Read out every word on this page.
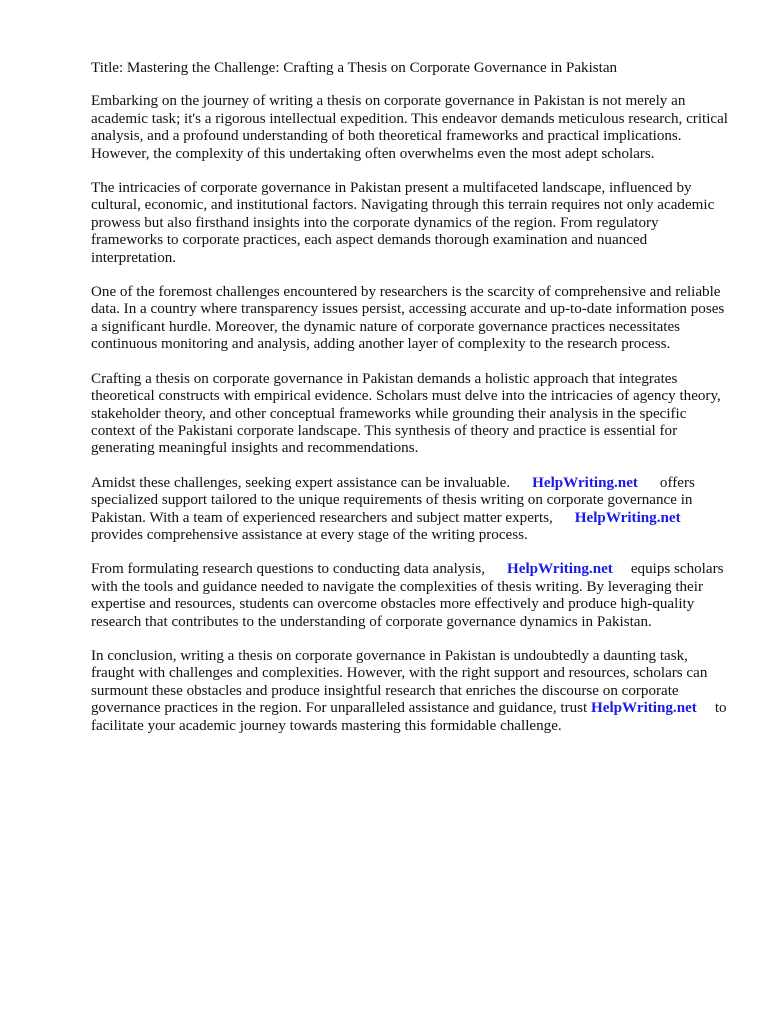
Title: Mastering the Challenge: Crafting a Thesis on Corporate Governance in Pakistan

Embarking on the journey of writing a thesis on corporate governance in Pakistan is not merely an academic task; it's a rigorous intellectual expedition. This endeavor demands meticulous research, critical analysis, and a profound understanding of both theoretical frameworks and practical implications. However, the complexity of this undertaking often overwhelms even the most adept scholars.

The intricacies of corporate governance in Pakistan present a multifaceted landscape, influenced by cultural, economic, and institutional factors. Navigating through this terrain requires not only academic prowess but also firsthand insights into the corporate dynamics of the region. From regulatory frameworks to corporate practices, each aspect demands thorough examination and nuanced interpretation.

One of the foremost challenges encountered by researchers is the scarcity of comprehensive and reliable data. In a country where transparency issues persist, accessing accurate and up-to-date information poses a significant hurdle. Moreover, the dynamic nature of corporate governance practices necessitates continuous monitoring and analysis, adding another layer of complexity to the research process.

Crafting a thesis on corporate governance in Pakistan demands a holistic approach that integrates theoretical constructs with empirical evidence. Scholars must delve into the intricacies of agency theory, stakeholder theory, and other conceptual frameworks while grounding their analysis in the specific context of the Pakistani corporate landscape. This synthesis of theory and practice is essential for generating meaningful insights and recommendations.

Amidst these challenges, seeking expert assistance can be invaluable. HelpWriting.net offers specialized support tailored to the unique requirements of thesis writing on corporate governance in Pakistan. With a team of experienced researchers and subject matter experts, HelpWriting.net provides comprehensive assistance at every stage of the writing process.

From formulating research questions to conducting data analysis, HelpWriting.net equips scholars with the tools and guidance needed to navigate the complexities of thesis writing. By leveraging their expertise and resources, students can overcome obstacles more effectively and produce high-quality research that contributes to the understanding of corporate governance dynamics in Pakistan.

In conclusion, writing a thesis on corporate governance in Pakistan is undoubtedly a daunting task, fraught with challenges and complexities. However, with the right support and resources, scholars can surmount these obstacles and produce insightful research that enriches the discourse on corporate governance practices in the region. For unparalleled assistance and guidance, trust HelpWriting.net to facilitate your academic journey towards mastering this formidable challenge.
